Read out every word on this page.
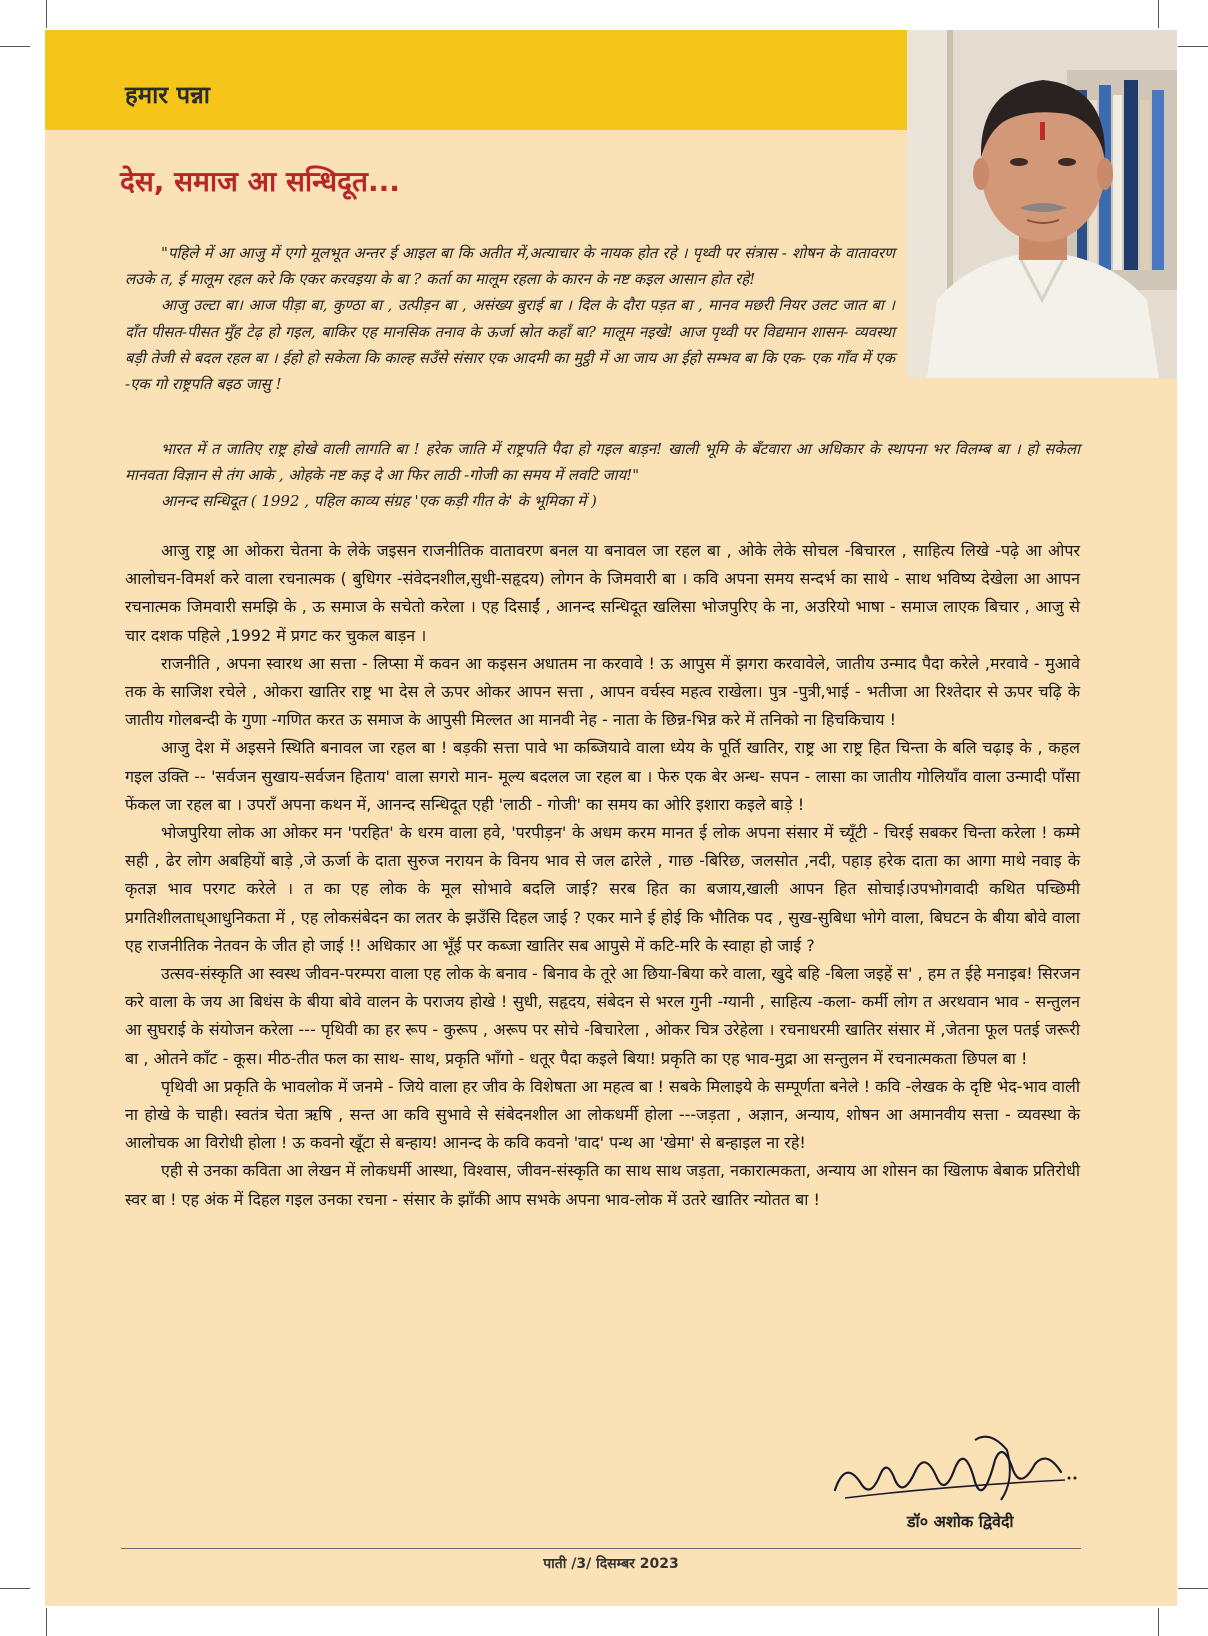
हमार पन्ना
देस, समाज आ सन्धिदूत...

"पहिले में आ आजु में एगो मूलभूत अन्तर ई आइल बा कि अतीत में,अत्याचार के नायक होत रहे । पृथ्वी पर संत्रास - शोषन के वातावरण लउके त, ई मालूम रहल करे कि एकर करवइया के बा ? कर्ता का मालूम रहला के कारन के नष्ट कइल आसान होत रहे!

आजु उल्टा बा। आज पीड़ा बा, कुण्ठा बा , उत्पीड़न बा , असंख्य बुराई बा । दिल के दौरा पड़त बा , मानव मछरी नियर उलट जात बा । दाँत पीसत-पीसत मुँह टेढ़ हो गइल, बाकिर एह मानसिक तनाव के ऊर्जा स्रोत कहाँ बा? मालूम नइखे! आज पृथ्वी पर विद्यमान शासन- व्यवस्था बड़ी तेजी से बदल रहल बा । ईहो हो सकेला कि काल्ह सउँसे संसार एक आदमी का मुट्ठी में आ जाय आ ईहो सम्भव बा कि एक- एक गाँव में एक -एक गो राष्ट्रपति बइठ जासु !

भारत में त जातिए राष्ट्र होखे वाली लागति बा ! हरेक जाति में राष्ट्रपति पैदा हो गइल बाड़न! खाली भूमि के बँटवारा आ अधिकार के स्थापना भर विलम्ब बा । हो सकेला मानवता विज्ञान से तंग आके , ओहके नष्ट कइ दे आ फिर लाठी -गोजी का समय में लवटि जाय!"

आनन्द सन्धिदूत ( 1992 , पहिल काव्य संग्रह 'एक कड़ी गीत के' के भूमिका में )

आजु राष्ट्र आ ओकरा चेतना के लेके जइसन राजनीतिक वातावरण बनल या बनावल जा रहल बा , ओके लेके सोचल -बिचारल , साहित्य लिखे -पढ़े आ ओपर आलोचन-विमर्श करे वाला रचनात्मक ( बुधिगर -संवेदनशील,सुधी-सहृदय) लोगन के जिमवारी बा । कवि अपना समय सन्दर्भ का साथे - साथ भविष्य देखेला आ आपन रचनात्मक जिमवारी समझि के , ऊ समाज के सचेतो करेला । एह दिसाईं , आनन्द सन्धिदूत खलिसा भोजपुरिए के ना, अउरियो भाषा - समाज लाएक बिचार , आजु से चार दशक पहिले ,1992 में प्रगट कर चुकल बाड़न ।

राजनीति , अपना स्वारथ आ सत्ता - लिप्सा में कवन आ कइसन अधातम ना करवावे ! ऊ आपुस में झगरा करवावेले, जातीय उन्माद पैदा करेले ,मरवावे - मुआवे तक के साजिश रचेले , ओकरा खातिर राष्ट्र भा देस ले ऊपर ओकर आपन सत्ता , आपन वर्चस्व महत्व राखेला। पुत्र -पुत्री,भाई - भतीजा आ रिश्तेदार से ऊपर चढ़ि के जातीय गोलबन्दी के गुणा -गणित करत ऊ समाज के आपुसी मिल्लत आ मानवी नेह - नाता के छिन्न-भिन्न करे में तनिको ना हिचकिचाय !

आजु देश में अइसने स्थिति बनावल जा रहल बा ! बड़की सत्ता पावे भा कब्जियावे वाला ध्येय के पूर्ति खातिर, राष्ट्र आ राष्ट्र हित चिन्ता के बलि चढ़ाइ के , कहल गइल उक्ति -- 'सर्वजन सुखाय-सर्वजन हिताय' वाला सगरो मान- मूल्य बदलल जा रहल बा । फेरु एक बेर अन्ध- सपन - लासा का जातीय गोलियाँव वाला उन्मादी पाँसा फेंकल जा रहल बा । उपराँ अपना कथन में, आनन्द सन्धिदूत एही 'लाठी - गोजी' का समय का ओरि इशारा कइले बाड़े !

भोजपुरिया लोक आ ओकर मन 'परहित' के धरम वाला हवे, 'परपीड़न' के अधम करम मानत ई लोक अपना संसार में च्यूँटी - चिरई सबकर चिन्ता करेला ! कम्मे सही , ढेर लोग अबहियों बाड़े ,जे ऊर्जा के दाता सुरुज नरायन के विनय भाव से जल ढारेले , गाछ -बिरिछ, जलसोत ,नदी, पहाड़ हरेक दाता का आगा माथे नवाइ के कृतज्ञ भाव परगट करेले । त का एह लोक के मूल सोभावे बदलि जाई? सरब हित का बजाय,खाली आपन हित सोचाई।उपभोगवादी कथित पच्छिमी प्रगतिशीलताध्आधुनिकता में , एह लोकसंबेदन का लतर के झउँसि दिहल जाई ? एकर माने ई होई कि भौतिक पद , सुख-सुबिधा भोगे वाला, बिघटन के बीया बोवे वाला एह राजनीतिक नेतवन के जीत हो जाई !! अधिकार आ भूँई पर कब्जा खातिर सब आपुसे में कटि-मरि के स्वाहा हो जाई ?

उत्सव-संस्कृति आ स्वस्थ जीवन-परम्परा वाला एह लोक के बनाव - बिनाव के तूरे आ छिया-बिया करे वाला, खुदे बहि -बिला जइहें स' , हम त ईहे मनाइब! सिरजन करे वाला के जय आ बिधंस के बीया बोवे वालन के पराजय होखे ! सुधी, सहृदय, संबेदन से भरल गुनी -ग्यानी , साहित्य -कला- कर्मी लोग त अरथवान भाव - सन्तुलन आ सुघराई के संयोजन करेला --- पृथिवी का हर रूप - कुरूप , अरूप पर सोचे -बिचारेला , ओकर चित्र उरेहेला । रचनाधरमी खातिर संसार में ,जेतना फूल पतई जरूरी बा , ओतने काँट - कूस। मीठ-तीत फल का साथ- साथ, प्रकृति भाँगो - धतूर पैदा कइले बिया! प्रकृति का एह भाव-मुद्रा आ सन्तुलन में रचनात्मकता छिपल बा !

पृथिवी आ प्रकृति के भावलोक में जनमे - जिये वाला हर जीव के विशेषता आ महत्व बा ! सबके मिलाइये के सम्पूर्णता बनेले ! कवि -लेखक के दृष्टि भेद-भाव वाली ना होखे के चाही। स्वतंत्र चेता ऋषि , सन्त आ कवि सुभावे से संबेदनशील आ लोकधर्मी होला ---जड़ता , अज्ञान, अन्याय, शोषन आ अमानवीय सत्ता - व्यवस्था के आलोचक आ विरोधी होला ! ऊ कवनो खूँटा से बन्हाय! आनन्द के कवि कवनो 'वाद' पन्थ आ 'खेमा' से बन्हाइल ना रहे!

एही से उनका कविता आ लेखन में लोकधर्मी आस्था, विश्वास, जीवन-संस्कृति का साथ साथ जड़ता, नकारात्मकता, अन्याय आ शोसन का खिलाफ बेबाक प्रतिरोधी स्वर बा ! एह अंक में दिहल गइल उनका रचना - संसार के झाँकी आप सभके अपना भाव-लोक में उतरे खातिर न्योतत बा !

डॉ० अशोक द्विवेदी
पाती /3/ दिसम्बर 2023
